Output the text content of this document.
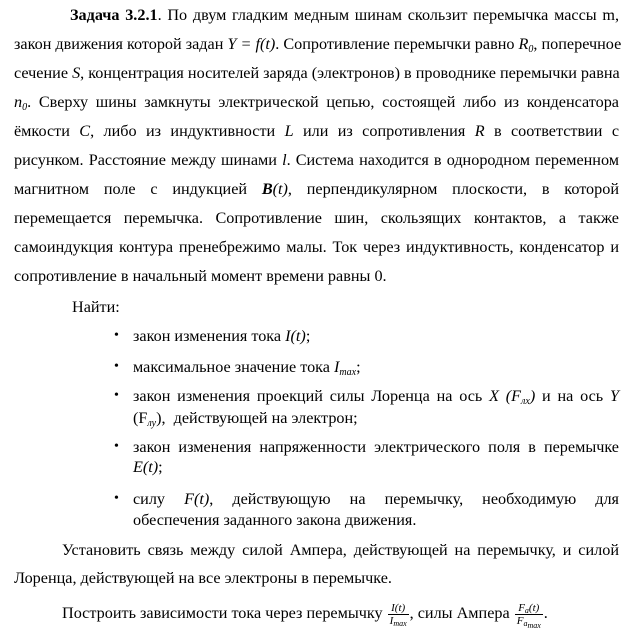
Задача 3.2.1. По двум гладким медным шинам скользит перемычка массы m,
закон движения которой задан Y = f(t). Сопротивление перемычки равно $R_0$, поперечное
сечение S, концентрация носителей заряда (электронов) в проводнике перемычки равна
$n_0$. Сверху шины замкнуты электрической цепью, состоящей либо из конденсатора
ёмкости C, либо из индуктивности L или из сопротивления R в соответствии с
рисунком. Расстояние между шинами l. Система находится в однородном переменном
магнитном поле с индукцией B(t), перпендикулярном плоскости, в которой
перемещается перемычка. Сопротивление шин, скользящих контактов, а также
самоиндукция контура пренебрежимо малы. Ток через индуктивность, конденсатор и
сопротивление в начальный момент времени равны 0.
Найти:
• закон изменения тока I(t);
• максимальное значение тока $I_{max}$;
• закон изменения проекций силы Лоренца на ось X $(F_{лх})$ и на ось Y
$(F_{лу})$,  действующей на электрон;
• закон изменения напряженности электрического поля в перемычке
E(t);
• силу F(t), действующую на перемычку, необходимую для
обеспечения заданного закона движения.
Установить связь между силой Ампера, действующей на перемычку, и силой
Лоренца, действующей на все электроны в перемычке.
Построить зависимости тока через перемычку $\frac{I(t)}{I_{max}}$ , силы Ампера $\frac{F_a(t)}{F_{a_{max}}}$ .
